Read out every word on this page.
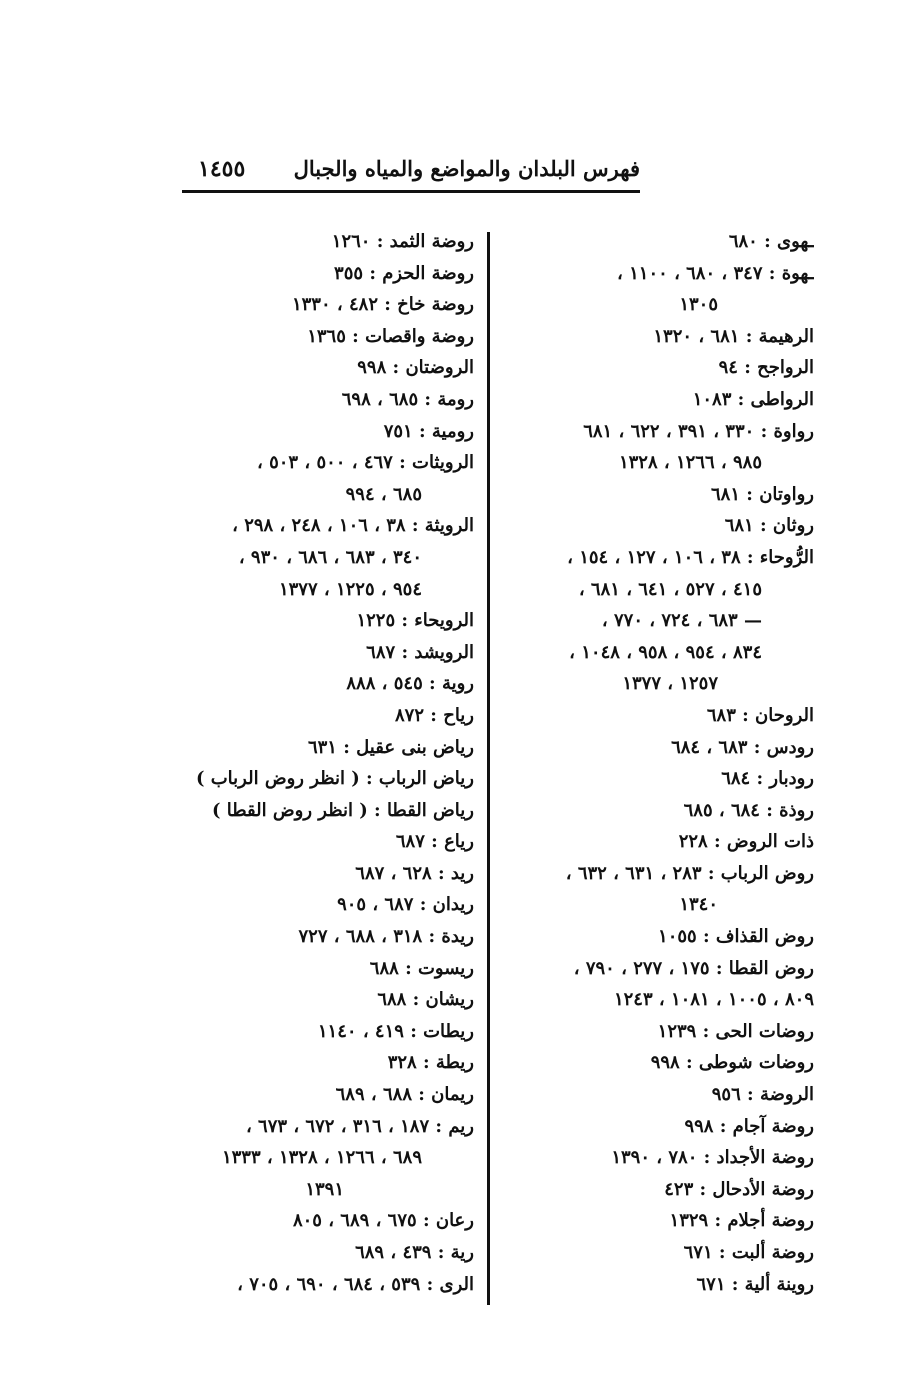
فهرس البلدان والمواضع والمياه والجبال
١٤٥٥
ـهوى : ٦٨٠
ـهوة : ٣٤٧ ، ٦٨٠ ، ١١٠٠ ،
١٣٠٥
الرهيمة : ٦٨١ ، ١٣٢٠
الرواجح : ٩٤
الرواطى : ١٠٨٣
رواوة : ٣٣٠ ، ٣٩١ ، ٦٢٢ ، ٦٨١
٩٨٥ ، ١٢٦٦ ، ١٣٢٨
رواوتان : ٦٨١
روثان : ٦٨١
الرُّوحاء : ٣٨ ، ١٠٦ ، ١٢٧ ، ١٥٤ ،
٤١٥ ، ٥٢٧ ، ٦٤١ ، ٦٨١ ،
— ٦٨٣ ، ٧٢٤ ، ٧٧٠ ،
٨٣٤ ، ٩٥٤ ، ٩٥٨ ، ١٠٤٨ ،
١٢٥٧ ، ١٣٧٧
الروحان : ٦٨٣
رودس : ٦٨٣ ، ٦٨٤
رودبار : ٦٨٤
روذة : ٦٨٤ ، ٦٨٥
ذات الروض : ٢٢٨
روض الرباب : ٢٨٣ ، ٦٣١ ، ٦٣٢ ،
١٣٤٠
روض القذاف : ١٠٥٥
روض القطا : ١٧٥ ، ٢٧٧ ، ٧٩٠ ،
٨٠٩ ، ١٠٠٥ ، ١٠٨١ ، ١٢٤٣
روضات الحى : ١٢٣٩
روضات شوطى : ٩٩٨
الروضة : ٩٥٦
روضة آجام : ٩٩٨
روضة الأجداد : ٧٨٠ ، ١٣٩٠
روضة الأدحال : ٤٢٣
روضة أجلام : ١٣٢٩
روضة ألبت : ٦٧١
روينة ألية : ٦٧١
روضة الثمد : ١٢٦٠
روضة الحزم : ٣٥٥
روضة خاخ : ٤٨٢ ، ١٣٣٠
روضة واقصات : ١٣٦٥
الروضتان : ٩٩٨
رومة : ٦٨٥ ، ٦٩٨
رومية : ٧٥١
الرويثات : ٤٦٧ ، ٥٠٠ ، ٥٠٣ ،
٦٨٥ ، ٩٩٤
الرويثة : ٣٨ ، ١٠٦ ، ٢٤٨ ، ٢٩٨ ،
٣٤٠ ، ٦٨٣ ، ٦٨٦ ، ٩٣٠ ،
٩٥٤ ، ١٢٢٥ ، ١٣٧٧
الرويحاء : ١٢٢٥
الرويشد : ٦٨٧
روية : ٥٤٥ ، ٨٨٨
رياح : ٨٧٢
رياض بنى عقيل : ٦٣١
رياض الرباب : ( انظر روض الرباب )
رياض القطا : ( انظر روض القطا )
رياع : ٦٨٧
ريد : ٦٢٨ ، ٦٨٧
ريدان : ٦٨٧ ، ٩٠٥
ريدة : ٣١٨ ، ٦٨٨ ، ٧٢٧
ريسوت : ٦٨٨
ريشان : ٦٨٨
ريطات : ٤١٩ ، ١١٤٠
ريطة : ٣٢٨
ريمان : ٦٨٨ ، ٦٨٩
ريم : ١٨٧ ، ٣١٦ ، ٦٧٢ ، ٦٧٣ ،
٦٨٩ ، ١٢٦٦ ، ١٣٢٨ ، ١٣٣٣
١٣٩١
رعان : ٦٧٥ ، ٦٨٩ ، ٨٠٥
رية : ٤٣٩ ، ٦٨٩
الرى : ٥٣٩ ، ٦٨٤ ، ٦٩٠ ، ٧٠٥ ،
